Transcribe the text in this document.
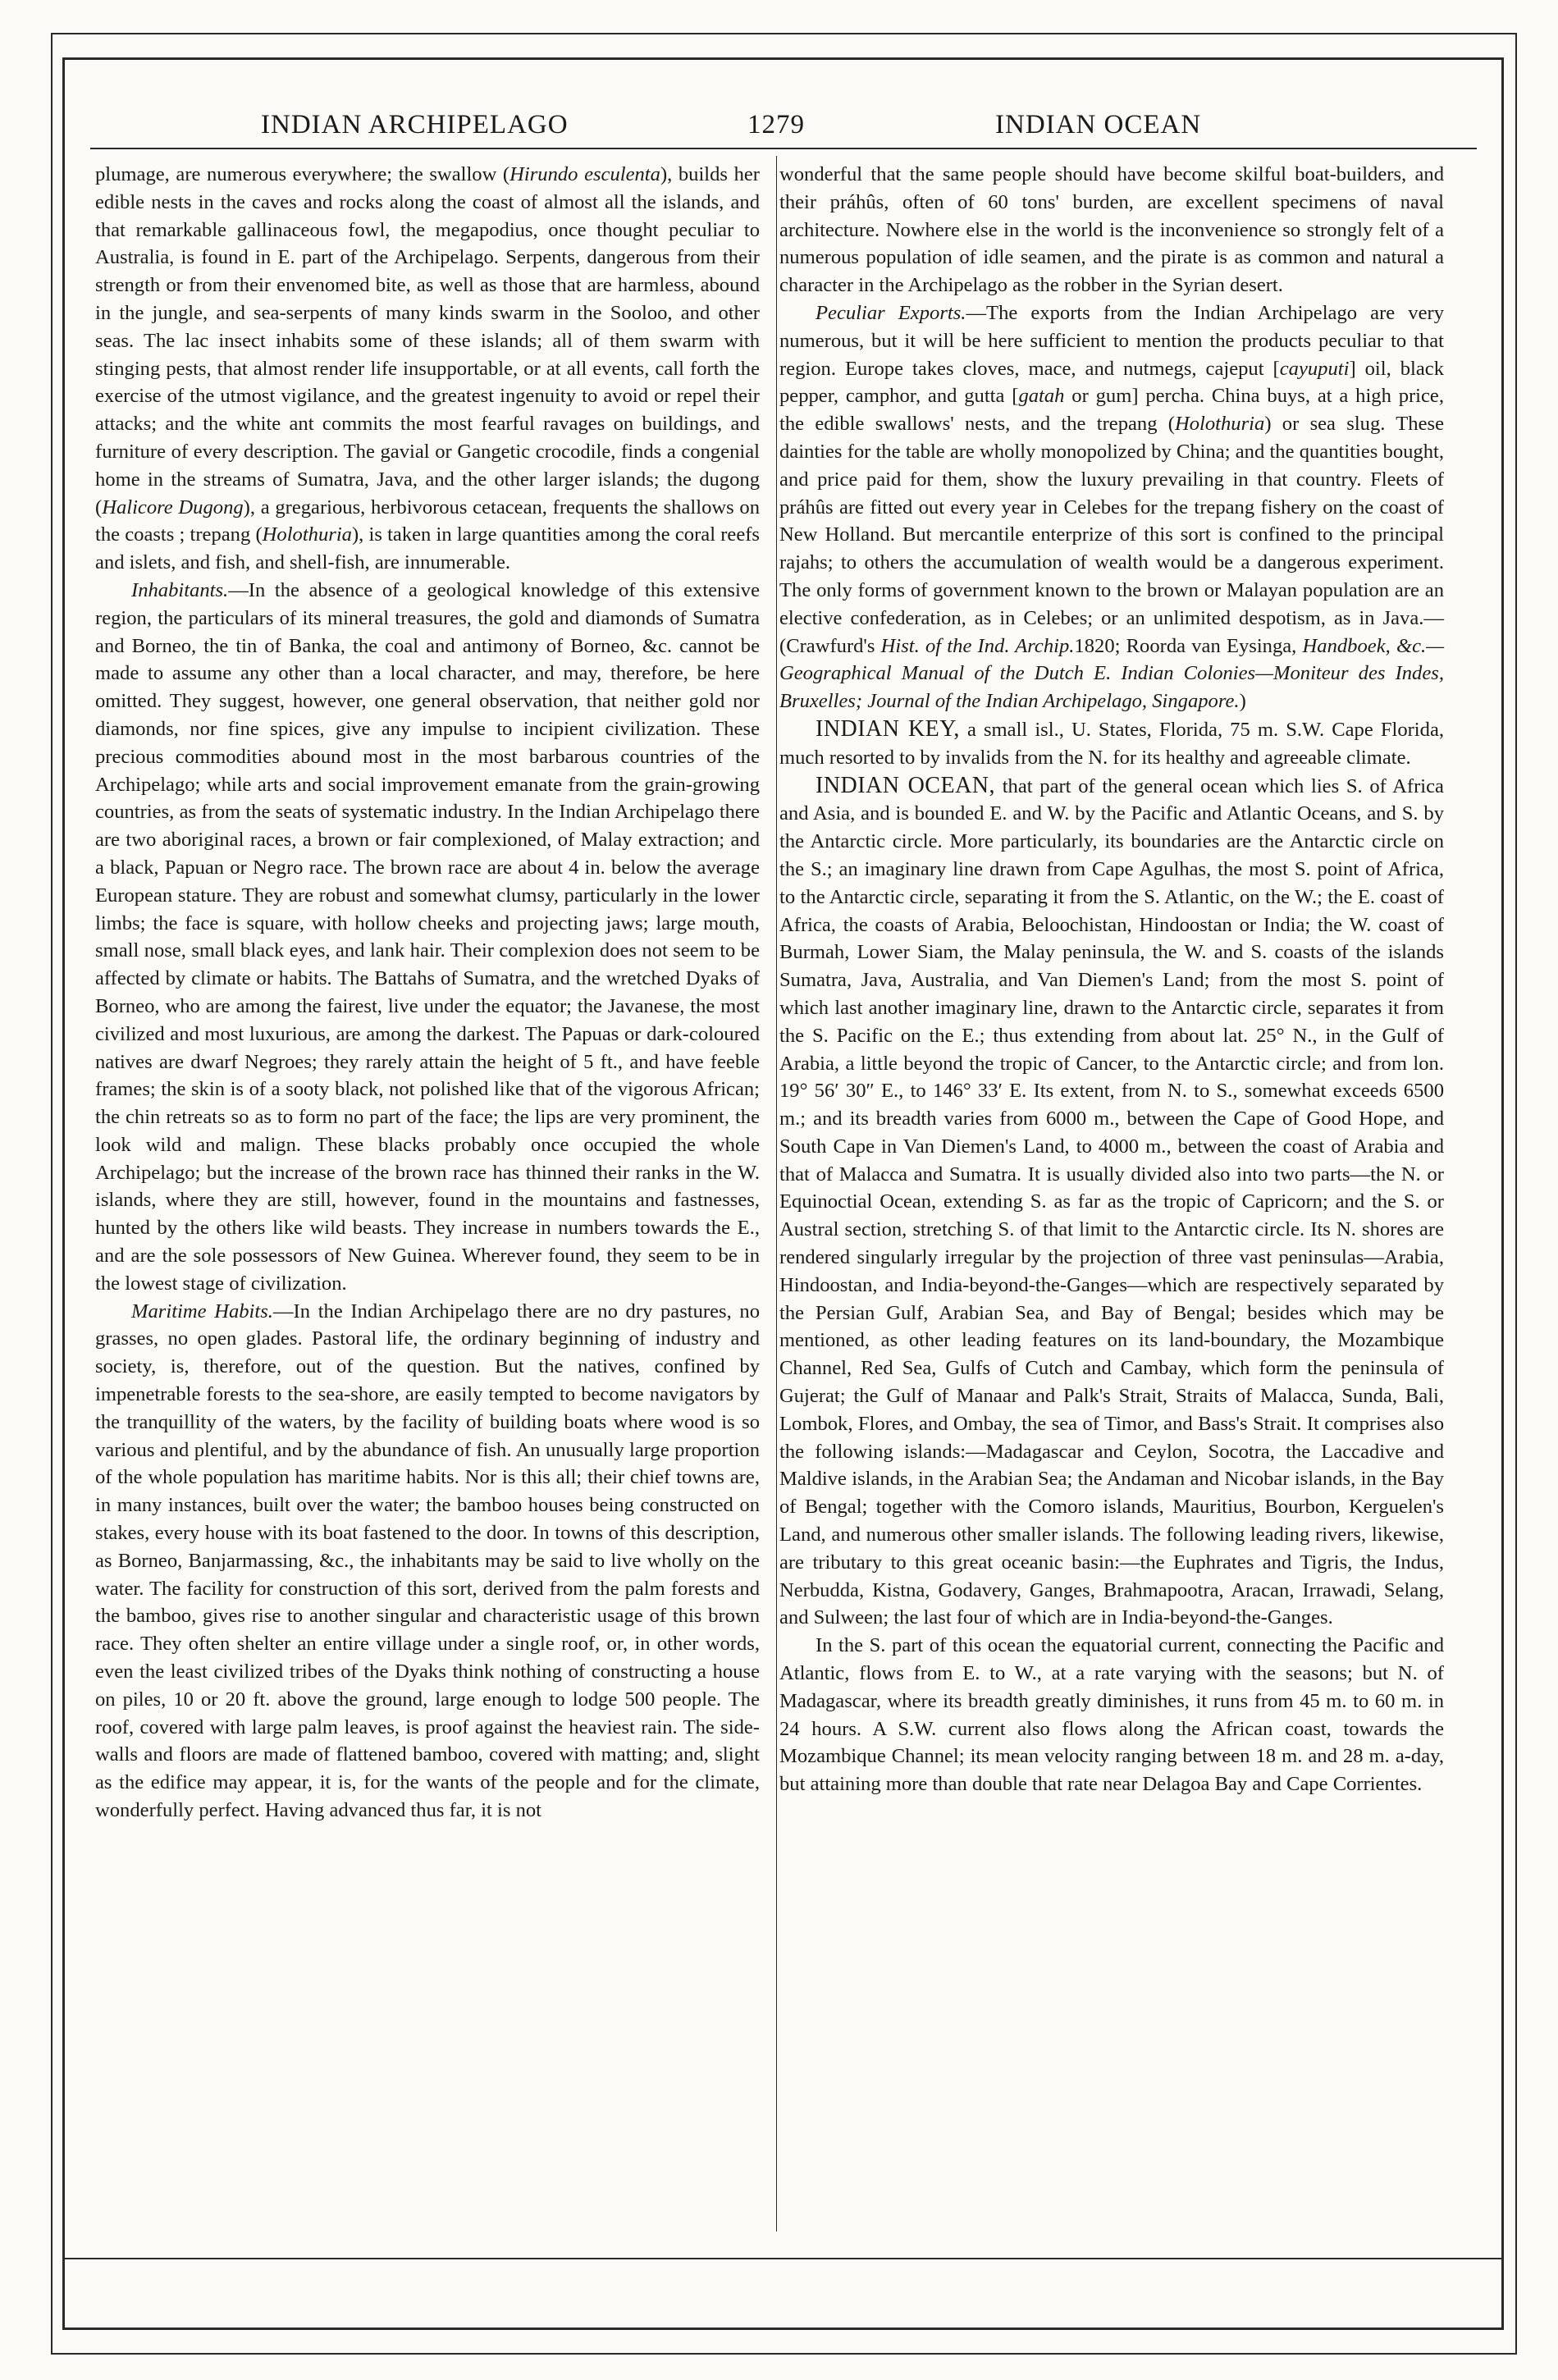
INDIAN ARCHIPELAGO	1279	INDIAN OCEAN

plumage, are numerous everywhere; the swallow (Hirundo esculenta), builds her edible nests in the caves and rocks along the coast of almost all the islands, and that remarkable gallinaceous fowl, the megapodius, once thought peculiar to Australia, is found in E. part of the Archipelago. Serpents, dangerous from their strength or from their envenomed bite, as well as those that are harmless, abound in the jungle, and sea-serpents of many kinds swarm in the Sooloo, and other seas. The lac insect inhabits some of these islands; all of them swarm with stinging pests, that almost render life insupportable, or at all events, call forth the exercise of the utmost vigilance, and the greatest ingenuity to avoid or repel their attacks; and the white ant commits the most fearful ravages on buildings, and furniture of every description. The gavial or Gangetic crocodile, finds a congenial home in the streams of Sumatra, Java, and the other larger islands; the dugong (Halicore Dugong), a gregarious, herbivorous cetacean, frequents the shallows on the coasts ; trepang (Holothuria), is taken in large quantities among the coral reefs and islets, and fish, and shell-fish, are innumerable.

Inhabitants.—In the absence of a geological knowledge of this extensive region, the particulars of its mineral treasures, the gold and diamonds of Sumatra and Borneo, the tin of Banka, the coal and antimony of Borneo, &c. cannot be made to assume any other than a local character, and may, therefore, be here omitted. They suggest, however, one general observation, that neither gold nor diamonds, nor fine spices, give any impulse to incipient civilization. These precious commodities abound most in the most barbarous countries of the Archipelago; while arts and social improvement emanate from the grain-growing countries, as from the seats of systematic industry. In the Indian Archipelago there are two aboriginal races, a brown or fair complexioned, of Malay extraction; and a black, Papuan or Negro race. The brown race are about 4 in. below the average European stature. They are robust and somewhat clumsy, particularly in the lower limbs; the face is square, with hollow cheeks and projecting jaws; large mouth, small nose, small black eyes, and lank hair. Their complexion does not seem to be affected by climate or habits. The Battahs of Sumatra, and the wretched Dyaks of Borneo, who are among the fairest, live under the equator; the Javanese, the most civilized and most luxurious, are among the darkest. The Papuas or dark-coloured natives are dwarf Negroes; they rarely attain the height of 5 ft., and have feeble frames; the skin is of a sooty black, not polished like that of the vigorous African; the chin retreats so as to form no part of the face; the lips are very prominent, the look wild and malign. These blacks probably once occupied the whole Archipelago; but the increase of the brown race has thinned their ranks in the W. islands, where they are still, however, found in the mountains and fastnesses, hunted by the others like wild beasts. They increase in numbers towards the E., and are the sole possessors of New Guinea. Wherever found, they seem to be in the lowest stage of civilization.

Maritime Habits.—In the Indian Archipelago there are no dry pastures, no grasses, no open glades. Pastoral life, the ordinary beginning of industry and society, is, therefore, out of the question. But the natives, confined by impenetrable forests to the sea-shore, are easily tempted to become navigators by the tranquillity of the waters, by the facility of building boats where wood is so various and plentiful, and by the abundance of fish. An unusually large proportion of the whole population has maritime habits. Nor is this all; their chief towns are, in many instances, built over the water; the bamboo houses being constructed on stakes, every house with its boat fastened to the door. In towns of this description, as Borneo, Banjarmassing, &c., the inhabitants may be said to live wholly on the water. The facility for construction of this sort, derived from the palm forests and the bamboo, gives rise to another singular and characteristic usage of this brown race. They often shelter an entire village under a single roof, or, in other words, even the least civilized tribes of the Dyaks think nothing of constructing a house on piles, 10 or 20 ft. above the ground, large enough to lodge 500 people. The roof, covered with large palm leaves, is proof against the heaviest rain. The side-walls and floors are made of flattened bamboo, covered with matting; and, slight as the edifice may appear, it is, for the wants of the people and for the climate, wonderfully perfect. Having advanced thus far, it is not

wonderful that the same people should have become skilful boat-builders, and their práhûs, often of 60 tons' burden, are excellent specimens of naval architecture. Nowhere else in the world is the inconvenience so strongly felt of a numerous population of idle seamen, and the pirate is as common and natural a character in the Archipelago as the robber in the Syrian desert.

Peculiar Exports.—The exports from the Indian Archipelago are very numerous, but it will be here sufficient to mention the products peculiar to that region. Europe takes cloves, mace, and nutmegs, cajeput [cayuputi] oil, black pepper, camphor, and gutta [gatah or gum] percha. China buys, at a high price, the edible swallows' nests, and the trepang (Holothuria) or sea slug. These dainties for the table are wholly monopolized by China; and the quantities bought, and price paid for them, show the luxury prevailing in that country. Fleets of práhûs are fitted out every year in Celebes for the trepang fishery on the coast of New Holland. But mercantile enterprize of this sort is confined to the principal rajahs; to others the accumulation of wealth would be a dangerous experiment. The only forms of government known to the brown or Malayan population are an elective confederation, as in Celebes; or an unlimited despotism, as in Java.—(Crawfurd's Hist. of the Ind. Archip.1820; Roorda van Eysinga, Handboek, &c.—Geographical Manual of the Dutch E. Indian Colonies—Moniteur des Indes, Bruxelles; Journal of the Indian Archipelago, Singapore.)

INDIAN KEY, a small isl., U. States, Florida, 75 m. S.W. Cape Florida, much resorted to by invalids from the N. for its healthy and agreeable climate.

INDIAN OCEAN, that part of the general ocean which lies S. of Africa and Asia, and is bounded E. and W. by the Pacific and Atlantic Oceans, and S. by the Antarctic circle. More particularly, its boundaries are the Antarctic circle on the S.; an imaginary line drawn from Cape Agulhas, the most S. point of Africa, to the Antarctic circle, separating it from the S. Atlantic, on the W.; the E. coast of Africa, the coasts of Arabia, Beloochistan, Hindoostan or India; the W. coast of Burmah, Lower Siam, the Malay peninsula, the W. and S. coasts of the islands Sumatra, Java, Australia, and Van Diemen's Land; from the most S. point of which last another imaginary line, drawn to the Antarctic circle, separates it from the S. Pacific on the E.; thus extending from about lat. 25° N., in the Gulf of Arabia, a little beyond the tropic of Cancer, to the Antarctic circle; and from lon. 19° 56′ 30″ E., to 146° 33′ E. Its extent, from N. to S., somewhat exceeds 6500 m.; and its breadth varies from 6000 m., between the Cape of Good Hope, and South Cape in Van Diemen's Land, to 4000 m., between the coast of Arabia and that of Malacca and Sumatra. It is usually divided also into two parts—the N. or Equinoctial Ocean, extending S. as far as the tropic of Capricorn; and the S. or Austral section, stretching S. of that limit to the Antarctic circle. Its N. shores are rendered singularly irregular by the projection of three vast peninsulas—Arabia, Hindoostan, and India-beyond-the-Ganges—which are respectively separated by the Persian Gulf, Arabian Sea, and Bay of Bengal; besides which may be mentioned, as other leading features on its land-boundary, the Mozambique Channel, Red Sea, Gulfs of Cutch and Cambay, which form the peninsula of Gujerat; the Gulf of Manaar and Palk's Strait, Straits of Malacca, Sunda, Bali, Lombok, Flores, and Ombay, the sea of Timor, and Bass's Strait. It comprises also the following islands:—Madagascar and Ceylon, Socotra, the Laccadive and Maldive islands, in the Arabian Sea; the Andaman and Nicobar islands, in the Bay of Bengal; together with the Comoro islands, Mauritius, Bourbon, Kerguelen's Land, and numerous other smaller islands. The following leading rivers, likewise, are tributary to this great oceanic basin:—the Euphrates and Tigris, the Indus, Nerbudda, Kistna, Godavery, Ganges, Brahmapootra, Aracan, Irrawadi, Selang, and Sulween; the last four of which are in India-beyond-the-Ganges.

In the S. part of this ocean the equatorial current, connecting the Pacific and Atlantic, flows from E. to W., at a rate varying with the seasons; but N. of Madagascar, where its breadth greatly diminishes, it runs from 45 m. to 60 m. in 24 hours. A S.W. current also flows along the African coast, towards the Mozambique Channel; its mean velocity ranging between 18 m. and 28 m. a-day, but attaining more than double that rate near Delagoa Bay and Cape Corrientes.
